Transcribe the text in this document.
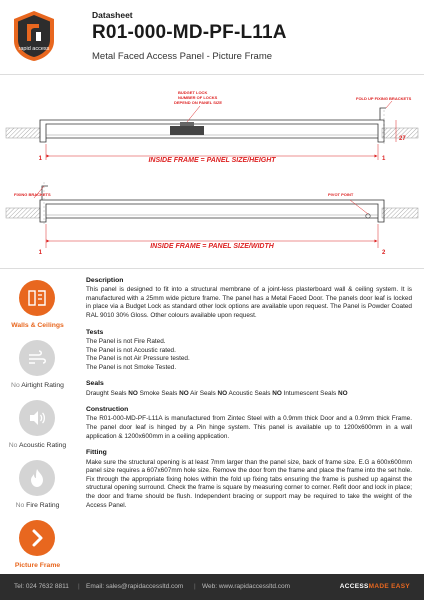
rapid access
Datasheet
R01-000-MD-PF-L11A
Metal Faced Access Panel - Picture Frame
BUDGET LOCK
NUMBER OF LOCKS
DEPEND ON PANEL SIZE
FOLD UP FIXING BRACKETS
27
1	1
INSIDE FRAME = PANEL SIZE/HEIGHT
FIXING BRACKETS	PIVOT POINT
1	2
INSIDE FRAME = PANEL SIZE/WIDTH
Walls & Ceilings
No Airtight Rating
No Acoustic Rating
No Fire Rating
Picture Frame
Description

This panel is designed to fit into a structural membrane of a joint-less plasterboard wall & ceiling system. It is manufactured with a 25mm wide picture frame. The panel has a Metal Faced Door. The panels door leaf is locked in place via a Budget Lock as standard other lock options are available upon request. The Panel is Powder Coated RAL 9010 30% Gloss. Other colours available upon request.

Tests

The Panel is not Fire Rated.

The Panel is not Acoustic rated.

The Panel is not Air Pressure tested.

The Panel is not Smoke Tested.

Seals

Draught Seals NO Smoke Seals NO Air Seals NO Acoustic Seals NO Intumescent Seals NO

Construction

The R01-000-MD-PF-L11A is manufactured from Zintec Steel with a 0.9mm thick Door and a 0.9mm thick Frame. The panel door leaf is hinged by a Pin hinge system. This panel is available up to 1200x600mm in a wall application & 1200x600mm in a ceiling application.

Fitting

Make sure the structural opening is at least 7mm larger than the panel size, back of frame size. E.G a 600x600mm panel size requires a 607x607mm hole size. Remove the door from the frame and place the frame into the set hole. Fix through the appropriate fixing holes within the fold up fixing tabs ensuring the frame is pushed up against the structural opening surround. Check the frame is square by measuring corner to corner. Refit door and lock in place; the door and frame should be flush. Independent bracing or support may be required to take the weight of the Access Panel.

Tel: 024 7632 8811 | Email: sales@rapidaccessltd.com | Web: www.rapidaccessltd.com	ACCESSMADE EASY
